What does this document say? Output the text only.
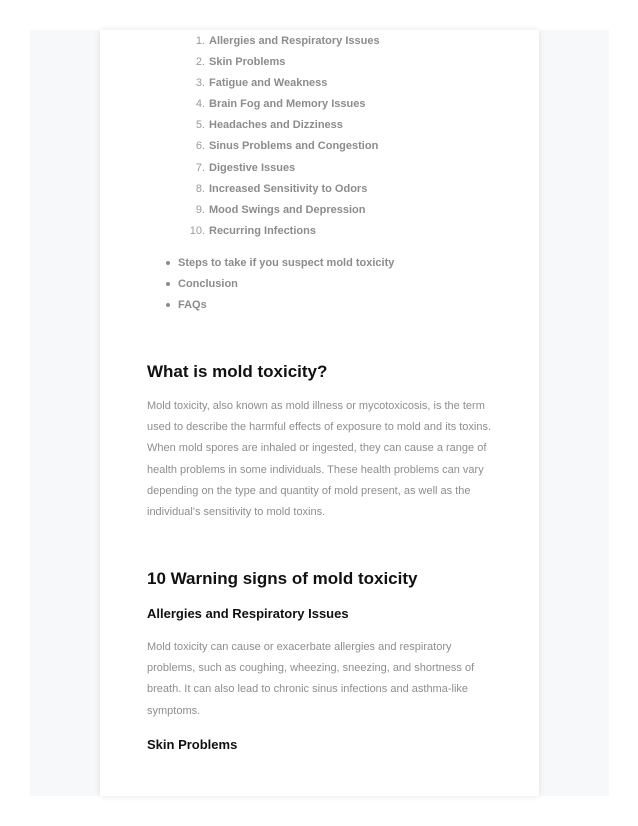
1. Allergies and Respiratory Issues
2. Skin Problems
3. Fatigue and Weakness
4. Brain Fog and Memory Issues
5. Headaches and Dizziness
6. Sinus Problems and Congestion
7. Digestive Issues
8. Increased Sensitivity to Odors
9. Mood Swings and Depression
10. Recurring Infections
Steps to take if you suspect mold toxicity
Conclusion
FAQs
What is mold toxicity?

Mold toxicity, also known as mold illness or mycotoxicosis, is the term used to describe the harmful effects of exposure to mold and its toxins. When mold spores are inhaled or ingested, they can cause a range of health problems in some individuals. These health problems can vary depending on the type and quantity of mold present, as well as the individual's sensitivity to mold toxins.

10 Warning signs of mold toxicity
Allergies and Respiratory Issues

Mold toxicity can cause or exacerbate allergies and respiratory problems, such as coughing, wheezing, sneezing, and shortness of breath. It can also lead to chronic sinus infections and asthma-like symptoms.

Skin Problems
